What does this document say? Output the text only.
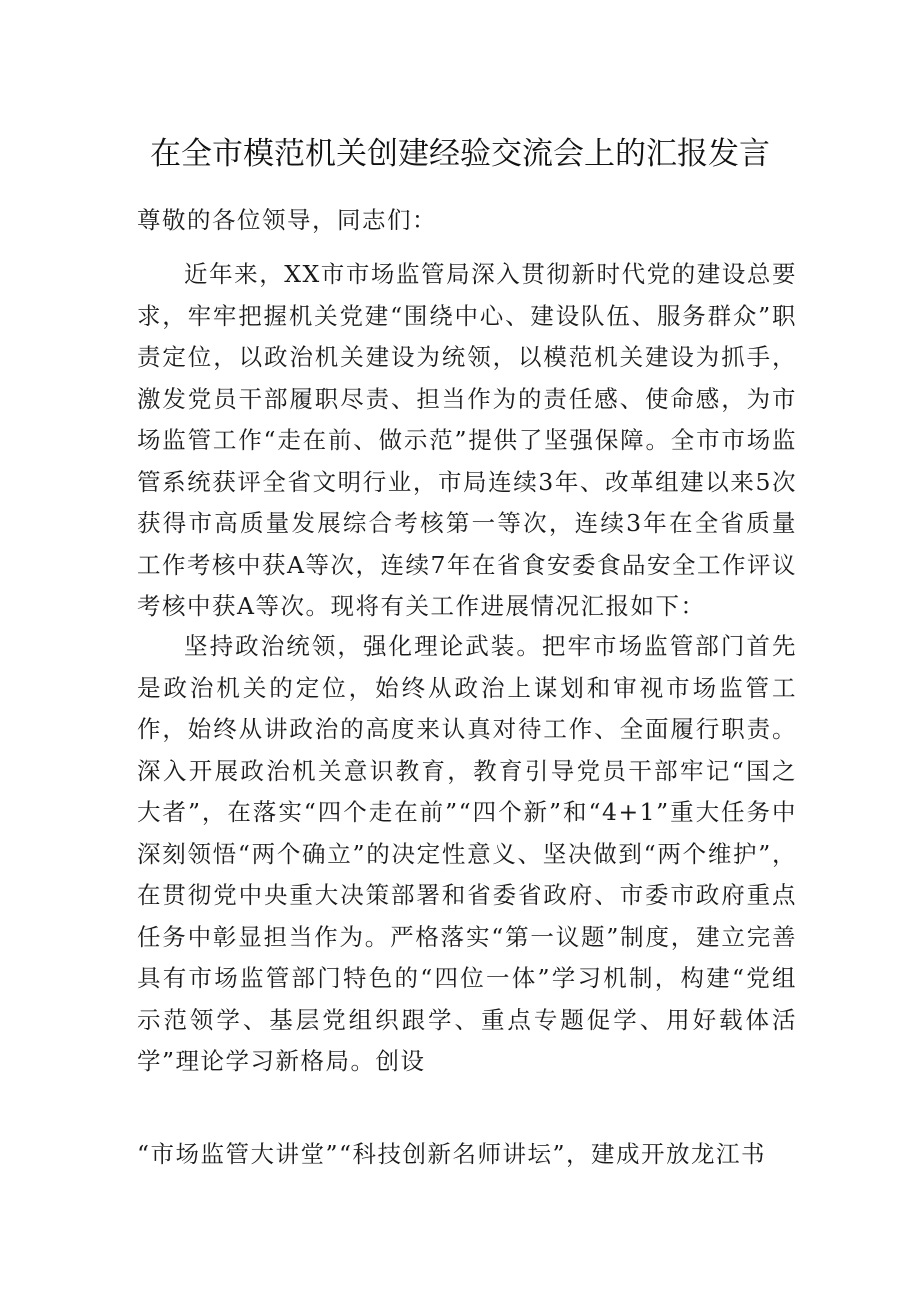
在全市模范机关创建经验交流会上的汇报发言

尊敬的各位领导，同志们：

近年来，XX市市场监管局深入贯彻新时代党的建设总要求，牢牢把握机关党建“围绕中心、建设队伍、服务群众”职责定位，以政治机关建设为统领，以模范机关建设为抓手，激发党员干部履职尽责、担当作为的责任感、使命感，为市场监管工作“走在前、做示范”提供了坚强保障。全市市场监管系统获评全省文明行业，市局连续3年、改革组建以来5次获得市高质量发展综合考核第一等次，连续3年在全省质量工作考核中获A等次，连续7年在省食安委食品安全工作评议考核中获A等次。现将有关工作进展情况汇报如下：

坚持政治统领，强化理论武装。把牢市场监管部门首先是政治机关的定位，始终从政治上谋划和审视市场监管工作，始终从讲政治的高度来认真对待工作、全面履行职责。深入开展政治机关意识教育，教育引导党员干部牢记“国之大者”，在落实“四个走在前”“四个新”和“4+1”重大任务中深刻领悟“两个确立”的决定性意义、坚决做到“两个维护”，在贯彻党中央重大决策部署和省委省政府、市委市政府重点任务中彰显担当作为。严格落实“第一议题”制度，建立完善具有市场监管部门特色的“四位一体”学习机制，构建“党组示范领学、基层党组织跟学、重点专题促学、用好载体活学”理论学习新格局。创设

“市场监管大讲堂”“科技创新名师讲坛”，建成开放龙江书
